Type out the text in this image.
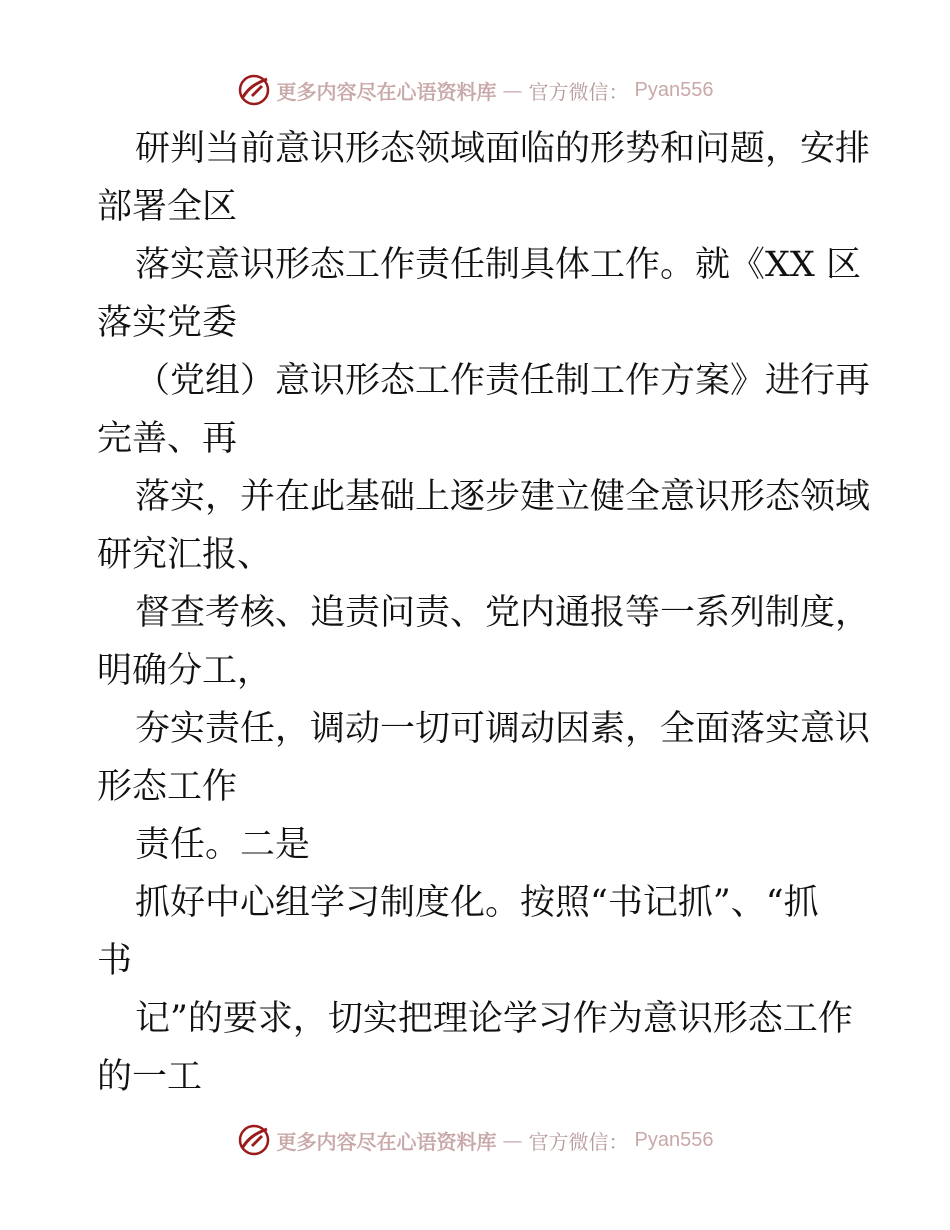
更多内容尽在心语资料库 — 官方微信： Pyan556
研判当前意识形态领域面临的形势和问题，安排
部署全区
落实意识形态工作责任制具体工作。就《XX 区
落实党委
（党组）意识形态工作责任制工作方案》进行再
完善、再
落实，并在此基础上逐步建立健全意识形态领域
研究汇报、
督查考核、追责问责、党内通报等一系列制度，
明确分工，
夯实责任，调动一切可调动因素，全面落实意识
形态工作
责任。二是
抓好中心组学习制度化。按照“书记抓”、“抓
书
记”的要求，切实把理论学习作为意识形态工作
的一工
更多内容尽在心语资料库 — 官方微信： Pyan556
